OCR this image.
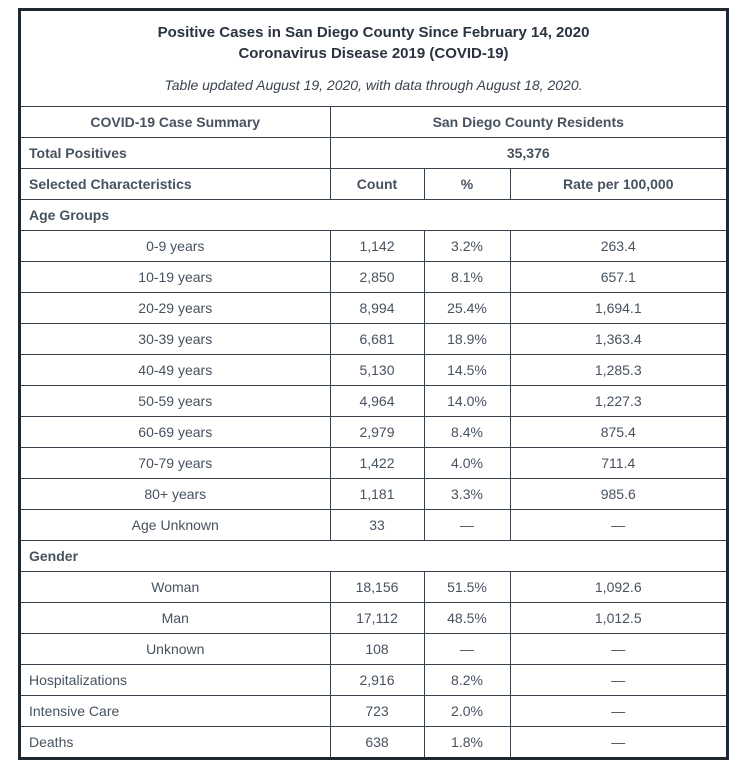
Positive Cases in San Diego County Since February 14, 2020
Coronavirus Disease 2019 (COVID-19)
Table updated August 19, 2020, with data through August 18, 2020.
COVID-19 Case Summary	San Diego County Residents		
Total Positives	35,376		
Selected Characteristics	Count	%	Rate per 100,000
Age Groups			
0-9 years	1,142	3.2%	263.4
10-19 years	2,850	8.1%	657.1
20-29 years	8,994	25.4%	1,694.1
30-39 years	6,681	18.9%	1,363.4
40-49 years	5,130	14.5%	1,285.3
50-59 years	4,964	14.0%	1,227.3
60-69 years	2,979	8.4%	875.4
70-79 years	1,422	4.0%	711.4
80+ years	1,181	3.3%	985.6
Age Unknown	33	—	—
Gender			
Woman	18,156	51.5%	1,092.6
Man	17,112	48.5%	1,012.5
Unknown	108	—	—
Hospitalizations	2,916	8.2%	—
Intensive Care	723	2.0%	—
Deaths	638	1.8%	—
